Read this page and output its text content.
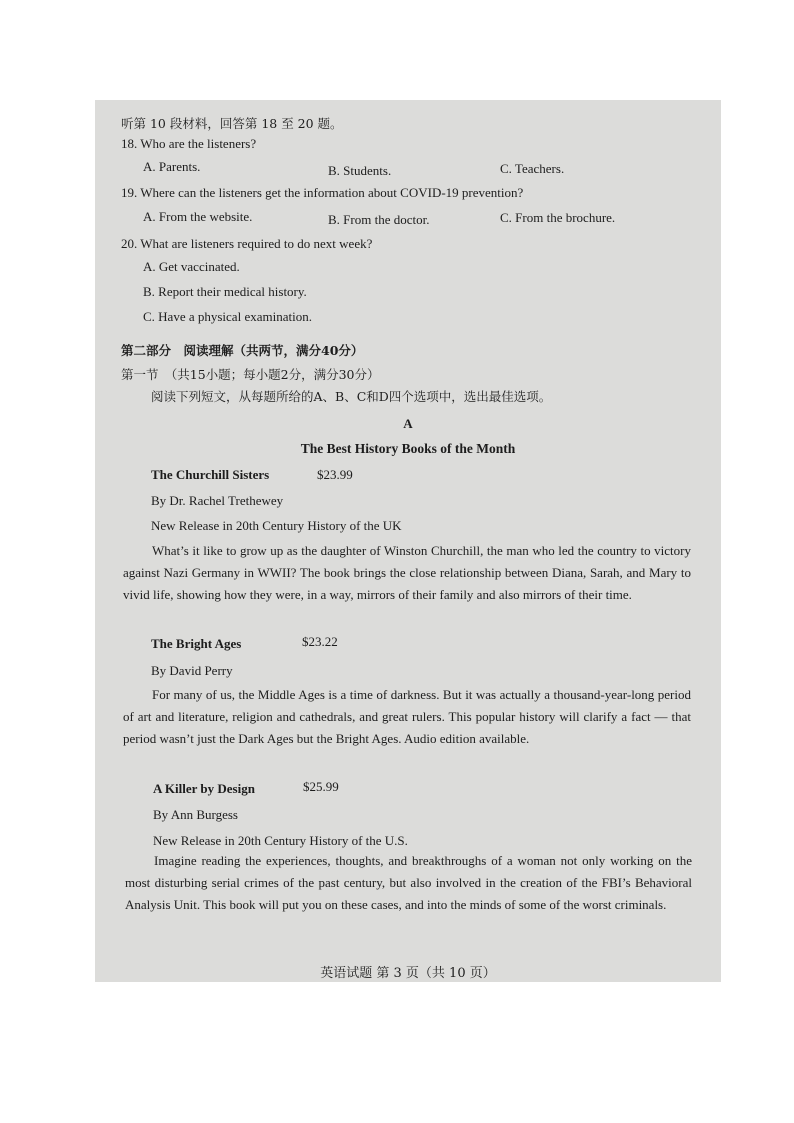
听第 10 段材料，回答第 18 至 20 题。
18. Who are the listeners?
A. Parents.	B. Students.	C. Teachers.
19. Where can the listeners get the information about COVID-19 prevention?
A. From the website.	B. From the doctor.	C. From the brochure.
20. What are listeners required to do next week?
A. Get vaccinated.
B. Report their medical history.
C. Have a physical examination.
第二部分　阅读理解（共两节，满分40分）
第一节　（共15小题；每小题2分，满分30分）
阅读下列短文，从每题所给的A、B、C和D四个选项中，选出最佳选项。
A
The Best History Books of the Month
The Churchill Sisters	$23.99
By Dr. Rachel Trethewey
New Release in 20th Century History of the UK
What’s it like to grow up as the daughter of Winston Churchill, the man who led the country to victory against Nazi Germany in WWII? The book brings the close relationship between Diana, Sarah, and Mary to vivid life, showing how they were, in a way, mirrors of their family and also mirrors of their time.
The Bright Ages	$23.22
By David Perry
For many of us, the Middle Ages is a time of darkness. But it was actually a thousand-year-long period of art and literature, religion and cathedrals, and great rulers. This popular history will clarify a fact — that period wasn’t just the Dark Ages but the Bright Ages. Audio edition available.
A Killer by Design	$25.99
By Ann Burgess
New Release in 20th Century History of the U.S.
Imagine reading the experiences, thoughts, and breakthroughs of a woman not only working on the most disturbing serial crimes of the past century, but also involved in the creation of the FBI’s Behavioral Analysis Unit. This book will put you on these cases, and into the minds of some of the worst criminals.
英语试题 第 3 页（共 10 页）
